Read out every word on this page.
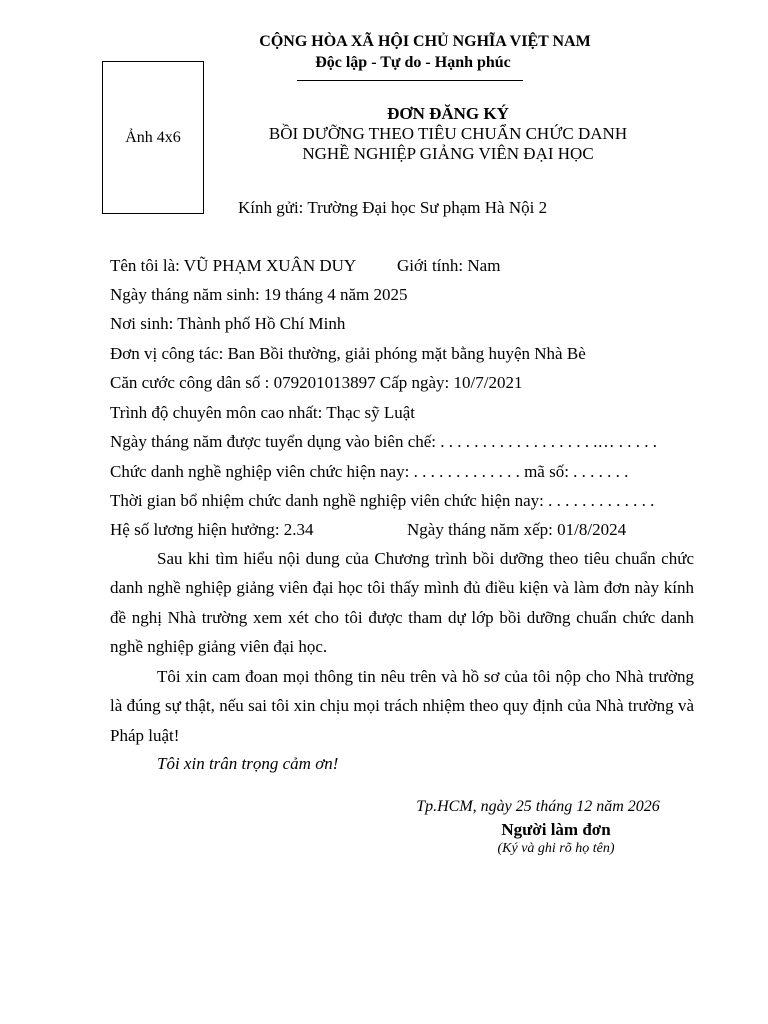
CỘNG HÒA XÃ HỘI CHỦ NGHĨA VIỆT NAM
Độc lập - Tự do - Hạnh phúc
Ảnh 4x6
ĐƠN ĐĂNG KÝ
BỒI DƯỠNG THEO TIÊU CHUẨN CHỨC DANH
NGHỀ NGHIỆP GIẢNG VIÊN ĐẠI HỌC
Kính gửi: Trường Đại học Sư phạm Hà Nội 2
Tên tôi là: VŨ PHẠM XUÂN DUY Giới tính: Nam
Ngày tháng năm sinh: 19 tháng 4 năm 2025
Nơi sinh: Thành phố Hồ Chí Minh
Đơn vị công tác: Ban Bồi thường, giải phóng mặt bằng huyện Nhà Bè
Căn cước công dân số : 079201013897 Cấp ngày: 10/7/2021
Trình độ chuyên môn cao nhất: Thạc sỹ Luật
Ngày tháng năm được tuyển dụng vào biên chế: . . . . . . . . . . . . . . . . . . .… . . . . .
Chức danh nghề nghiệp viên chức hiện nay: . . . . . . . . . . . . . mã số: . . . . . . .
Thời gian bổ nhiệm chức danh nghề nghiệp viên chức hiện nay: . . . . . . . . . . . . .
Hệ số lương hiện hưởng: 2.34	Ngày tháng năm xếp: 01/8/2024
Sau khi tìm hiểu nội dung của Chương trình bồi dưỡng theo tiêu chuẩn chức danh nghề nghiệp giảng viên đại học tôi thấy mình đủ điều kiện và làm đơn này kính đề nghị Nhà trường xem xét cho tôi được tham dự lớp bồi dưỡng chuẩn chức danh nghề nghiệp giảng viên đại học.
Tôi xin cam đoan mọi thông tin nêu trên và hồ sơ của tôi nộp cho Nhà trường là đúng sự thật, nếu sai tôi xin chịu mọi trách nhiệm theo quy định của Nhà trường và Pháp luật!
Tôi xin trân trọng cảm ơn!
Tp.HCM, ngày 25 tháng 12 năm 2026
Người làm đơn
(Ký và ghi rõ họ tên)
